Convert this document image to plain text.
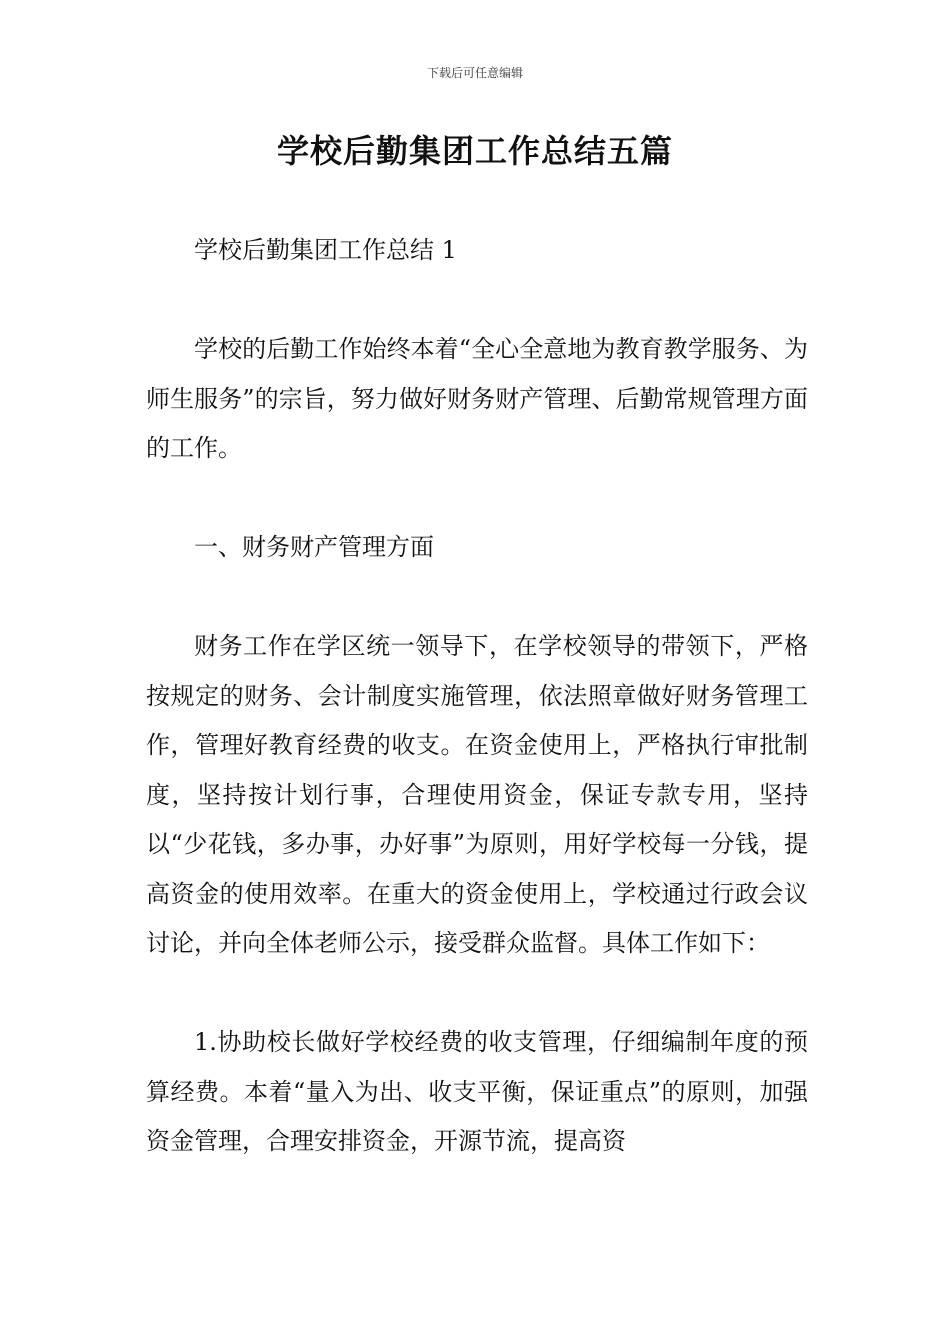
下载后可任意编辑
学校后勤集团工作总结五篇

学校后勤集团工作总结 1

学校的后勤工作始终本着“全心全意地为教育教学服务、为师生服务”的宗旨，努力做好财务财产管理、后勤常规管理方面的工作。

一、财务财产管理方面

财务工作在学区统一领导下，在学校领导的带领下，严格按规定的财务、会计制度实施管理，依法照章做好财务管理工作，管理好教育经费的收支。在资金使用上，严格执行审批制度，坚持按计划行事，合理使用资金，保证专款专用，坚持以“少花钱，多办事，办好事”为原则，用好学校每一分钱，提高资金的使用效率。在重大的资金使用上，学校通过行政会议讨论，并向全体老师公示，接受群众监督。具体工作如下：

1.协助校长做好学校经费的收支管理，仔细编制年度的预算经费。本着“量入为出、收支平衡，保证重点”的原则，加强资金管理，合理安排资金，开源节流，提高资
